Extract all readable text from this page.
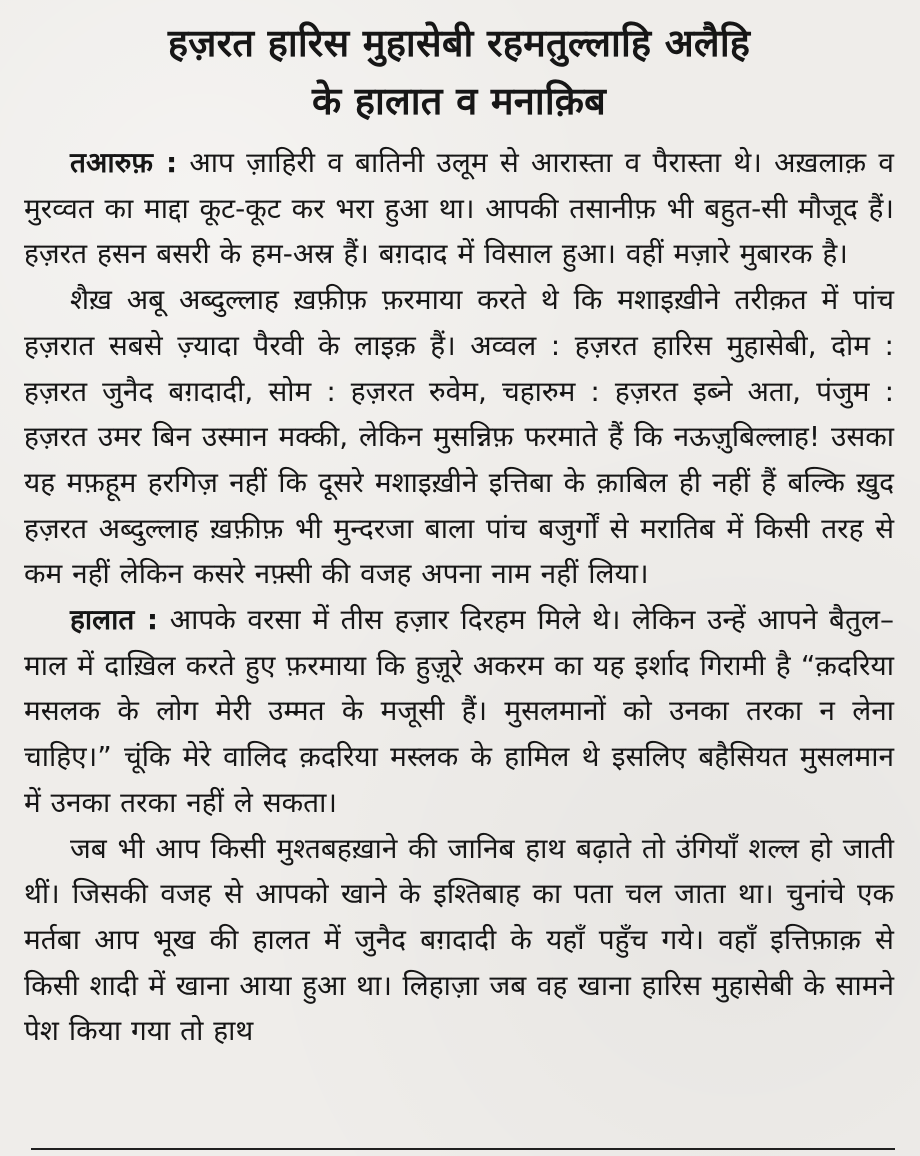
हज़रत हारिस मुहासेबी रहमतुल्लाहि अलैहि
के हालात व मनाक़िब

तआरुफ़ : आप ज़ाहिरी व बातिनी उलूम से आरास्ता व पैरास्ता थे। अख़लाक़ व मुरव्वत का माद्दा कूट-कूट कर भरा हुआ था। आपकी तसानीफ़ भी बहुत-सी मौजूद हैं। हज़रत हसन बसरी के हम-अस्र हैं। बग़दाद में विसाल हुआ। वहीं मज़ारे मुबारक है।

शैख़ अबू अब्दुल्लाह ख़फ़ीफ़ फ़रमाया करते थे कि मशाइख़ीने तरीक़त में पांच हज़रात सबसे ज़्यादा पैरवी के लाइक़ हैं। अव्वल : हज़रत हारिस मुहासेबी, दोम : हज़रत जुनैद बग़दादी, सोम : हज़रत रुवेम, चहारुम : हज़रत इब्ने अता, पंजुम : हज़रत उमर बिन उस्मान मक्की, लेकिन मुसन्निफ़ फरमाते हैं कि नऊज़ुबिल्लाह! उसका यह मफ़हूम हरगिज़ नहीं कि दूसरे मशाइख़ीने इत्तिबा के क़ाबिल ही नहीं हैं बल्कि ख़ुद हज़रत अब्दुल्लाह ख़फ़ीफ़ भी मुन्दरजा बाला पांच बजुर्गों से मरातिब में किसी तरह से कम नहीं लेकिन कसरे नफ़्सी की वजह अपना नाम नहीं लिया।

हालात : आपके वरसा में तीस हज़ार दिरहम मिले थे। लेकिन उन्हें आपने बैतुल–माल में दाख़िल करते हुए फ़रमाया कि हुज़ूरे अकरम का यह इर्शाद गिरामी है “क़दरिया मसलक के लोग मेरी उम्मत के मजूसी हैं। मुसलमानों को उनका तरका न लेना चाहिए।” चूंकि मेरे वालिद क़दरिया मस्लक के हामिल थे इसलिए बहैसियत मुसलमान में उनका तरका नहीं ले सकता।

जब भी आप किसी मुश्तबहख़ाने की जानिब हाथ बढ़ाते तो उंगियाँ शल्ल हो जाती थीं। जिसकी वजह से आपको खाने के इश्तिबाह का पता चल जाता था। चुनांचे एक मर्तबा आप भूख की हालत में जुनैद बग़दादी के यहाँ पहुँच गये। वहाँ इत्तिफ़ाक़ से किसी शादी में खाना आया हुआ था। लिहाज़ा जब वह खाना हारिस मुहासेबी के सामने पेश किया गया तो हाथ
